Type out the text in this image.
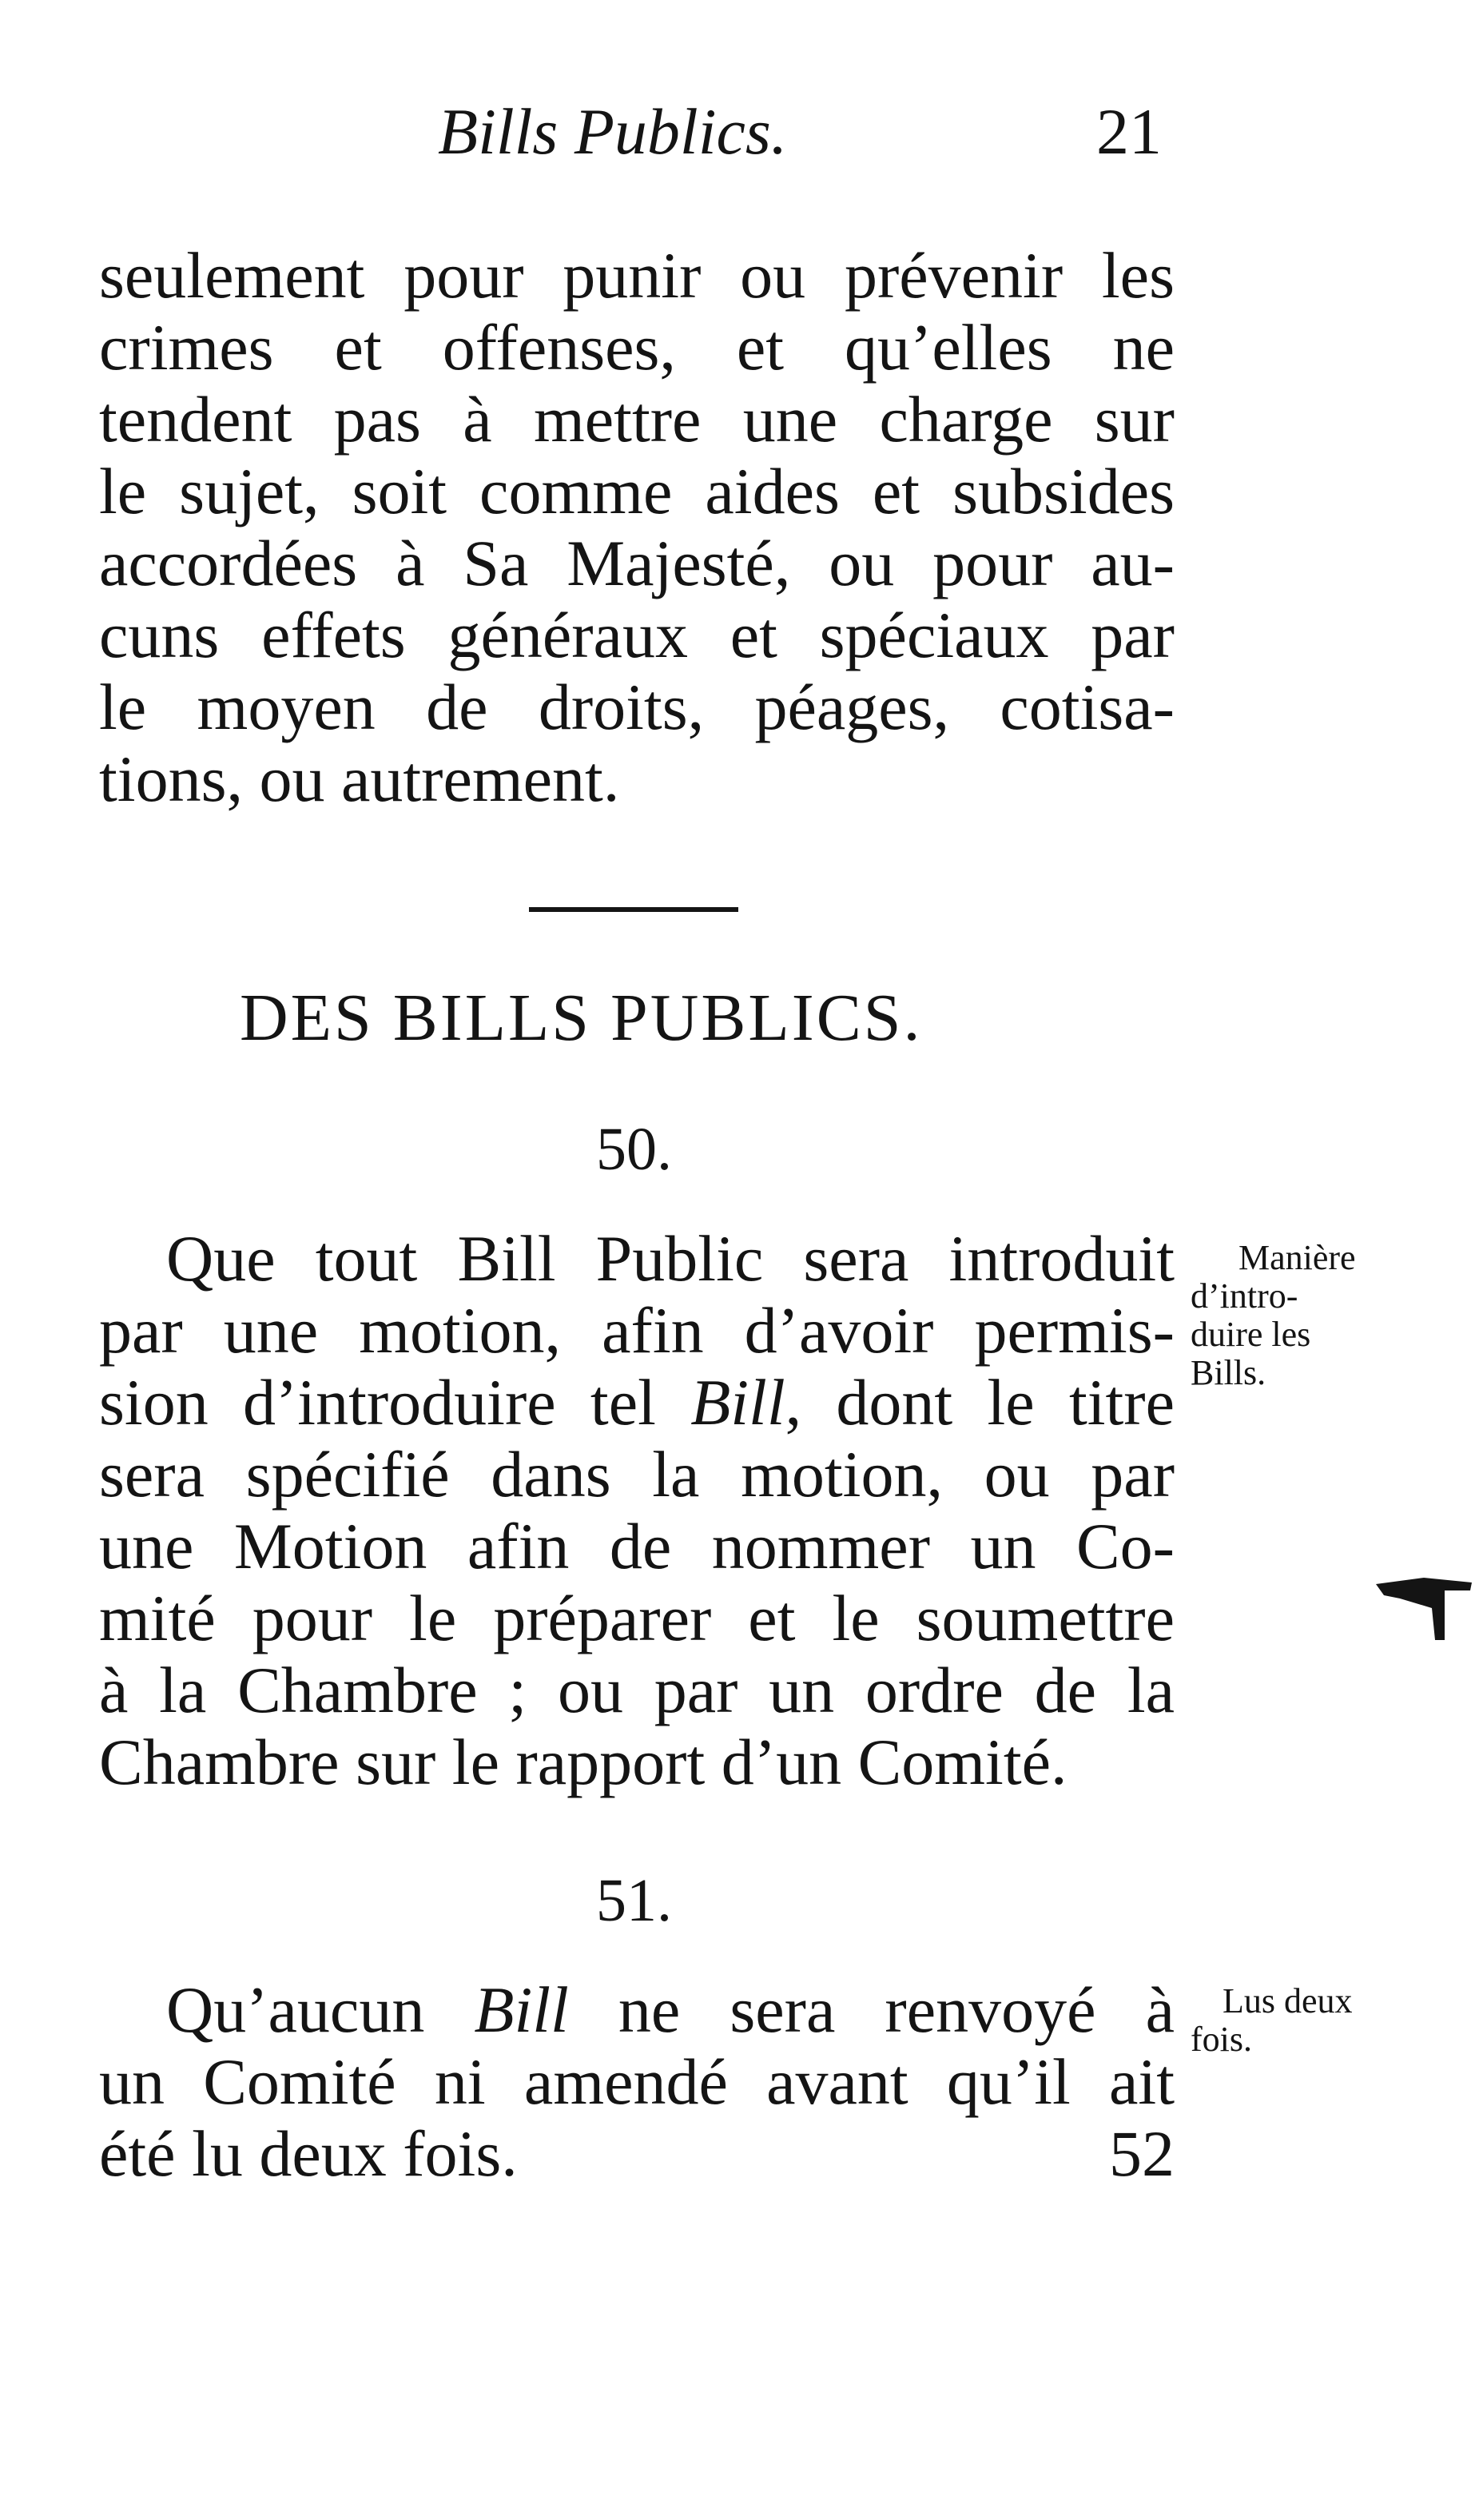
Bills Publics.	21
seulement pour punir ou prévenir les
crimes et offenses, et qu’elles ne
tendent pas à mettre une charge sur
le sujet, soit comme aides et subsides
accordées à Sa Majesté, ou pour au-
cuns effets généraux et spéciaux par
le moyen de droits, péages, cotisa-
tions, ou autrement.
DES BILLS PUBLICS.
50.
Que tout Bill Public sera introduit
par une motion, afin d’avoir permis-
sion d’introduire tel Bill, dont le titre
sera spécifié dans la motion, ou par
une Motion afin de nommer un Co-
mité pour le préparer et le soumettre
à la Chambre ; ou par un ordre de la
Chambre sur le rapport d’un Comité.
Manière
d’intro-
duire les
Bills.
51.
Qu’aucun Bill ne sera renvoyé à
un Comité ni amendé avant qu’il ait
été lu deux fois.	52
Lus deux
fois.
